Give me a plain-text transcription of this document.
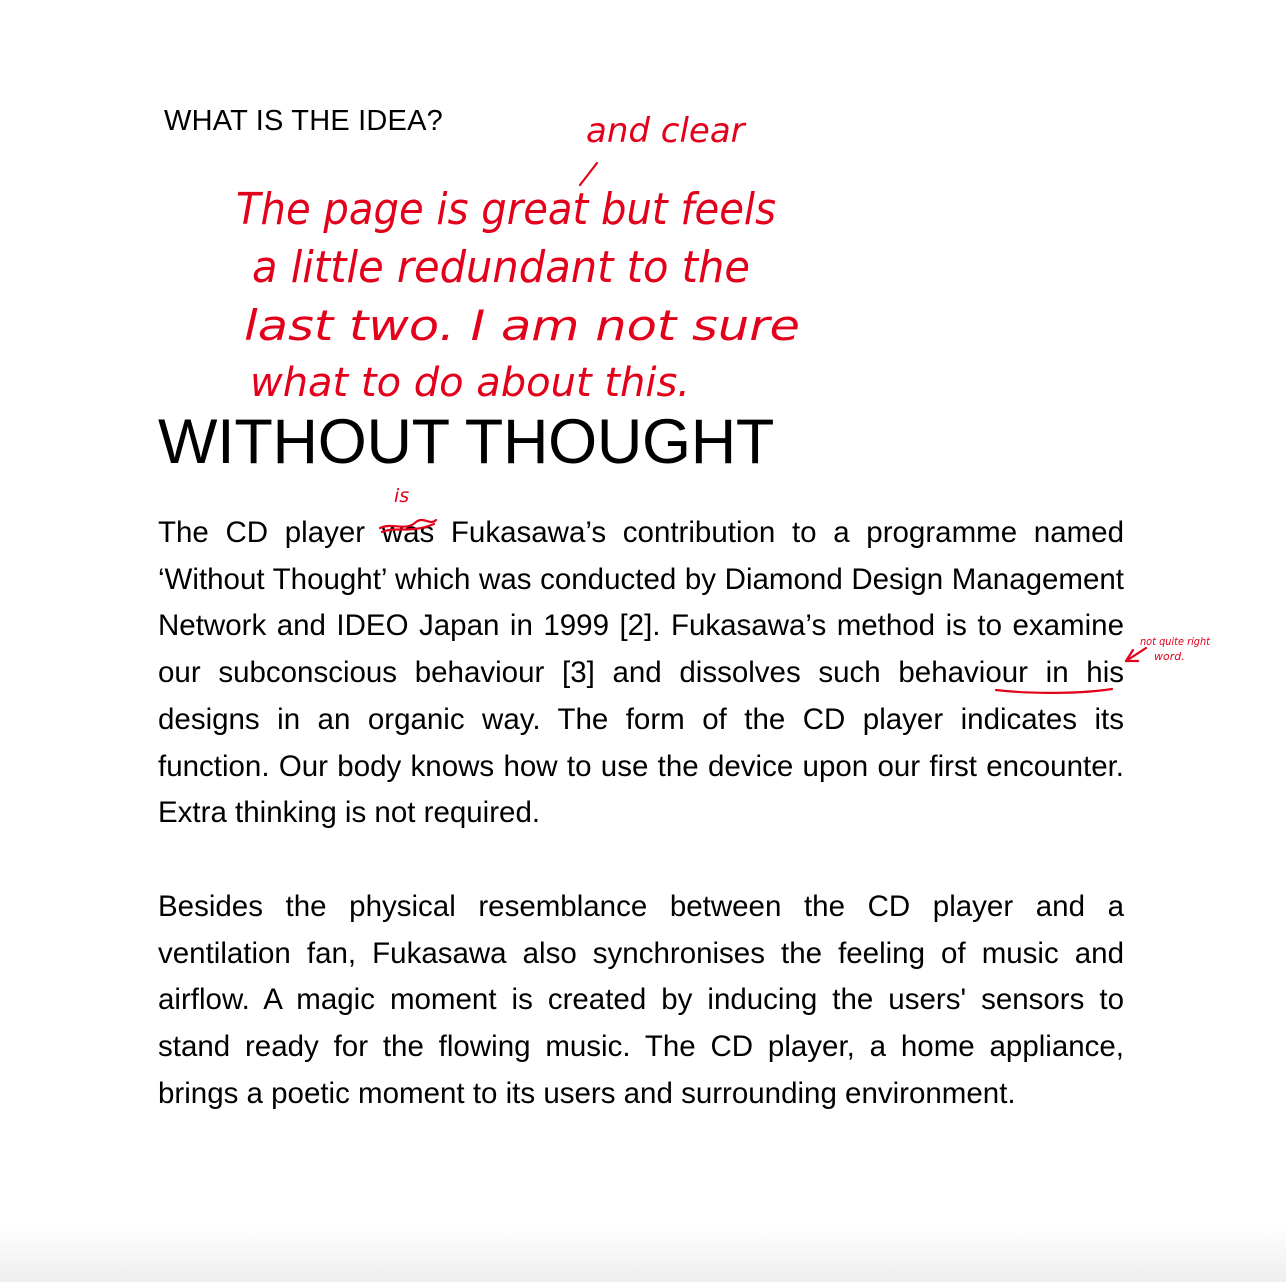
WHAT IS THE IDEA?

WITHOUT THOUGHT

The CD player was
is
Fukasawa’s contribution to a programme named ‘Without Thought’ which was conducted by Diamond Design Management Network and IDEO Japan in 1999 [2]. Fukasawa’s method is to examine our subconscious behaviour [3] and dissolves such behaviour in his designs in an organic way. The form of the CD player indicates its function. Our body knows how to use the device upon our first encounter. Extra thinking is not required.

Besides the physical resemblance between the CD player and a ventilation fan, Fukasawa also synchronises the feeling of music and airflow. A magic moment is created by inducing the users' sensors to stand ready for the flowing music. The CD player, a home appliance, brings a poetic moment to its users and surrounding environment.

and clear
The page is great but feels
a little redundant to the
last two. I am not sure
what to do about this.
not quite right
word.
